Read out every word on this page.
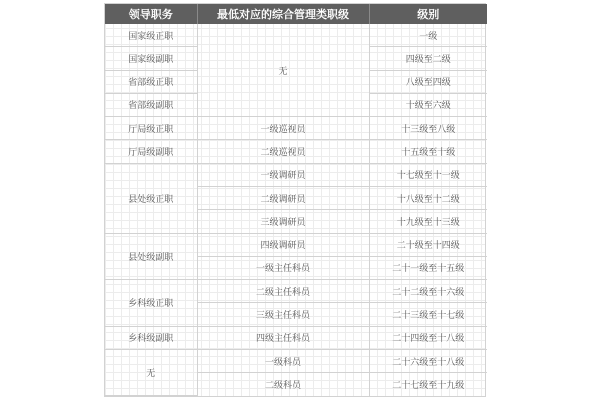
领导职务	最低对应的综合管理类职级	级别
国家级正职	无	一级
国家级副职		四级至二级
省部级正职		八级至四级
省部级副职		十级至六级
厅局级正职	一级巡视员	十三级至八级
厅局级副职	二级巡视员	十五级至十级
县处级正职	一级调研员	十七级至十一级
	二级调研员	十八级至十二级
	三级调研员	十九级至十三级
县处级副职	四级调研员	二十级至十四级
	一级主任科员	二十一级至十五级
乡科级正职	二级主任科员	二十二级至十六级
	三级主任科员	二十三级至十七级
乡科级副职	四级主任科员	二十四级至十八级
无	一级科员	二十六级至十八级
	二级科员	二十七级至十九级
